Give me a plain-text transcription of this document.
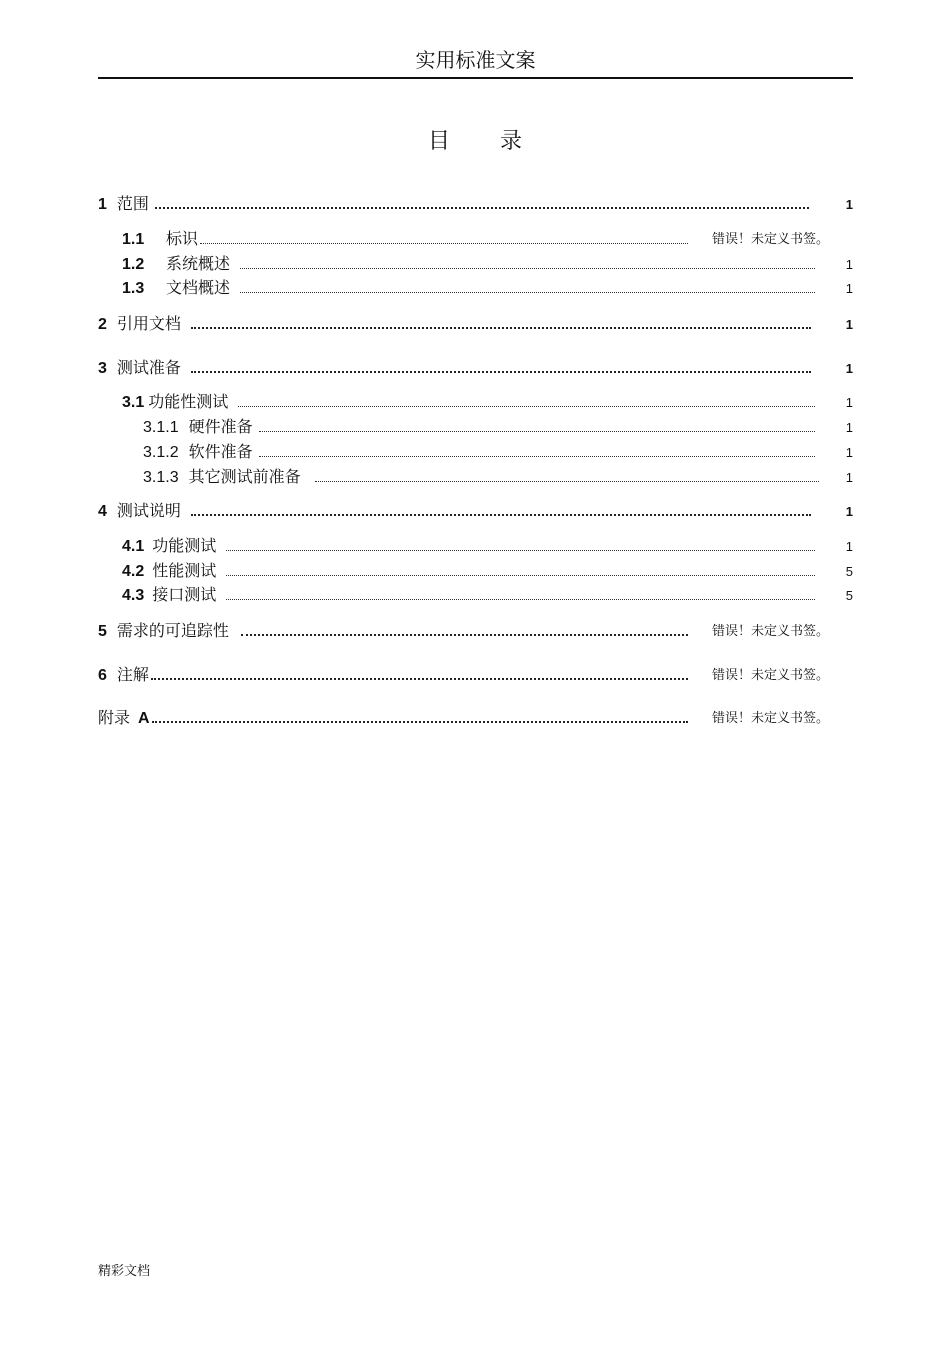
实用标准文案
目 录
1 范围	1
1.1	标识	错误！未定义书签。
1.2	系统概述	1
1.3	文档概述	1
2 引用文档	1
3 测试准备	1
3.1 功能性测试	1
3.1.1 硬件准备	1
3.1.2 软件准备	1
3.1.3 其它测试前准备	1
4 测试说明	1
4.1 功能测试	1
4.2 性能测试	5
4.3 接口测试	5
5 需求的可追踪性	错误！未定义书签。
6 注解	错误！未定义书签。
附录 A	错误！未定义书签。
精彩文档
